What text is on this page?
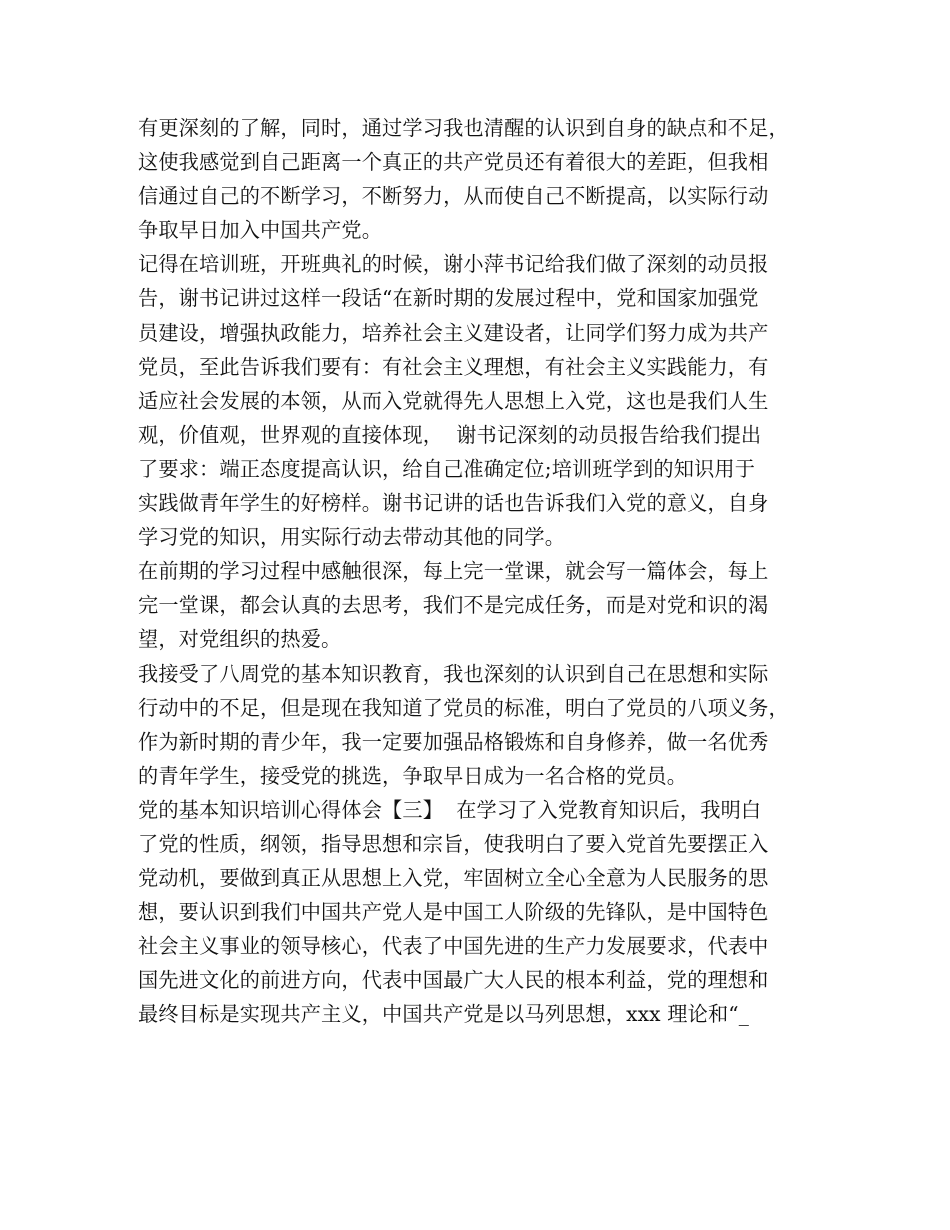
有更深刻的了解，同时，通过学习我也清醒的认识到自身的缺点和不足，
这使我感觉到自己距离一个真正的共产党员还有着很大的差距，但我相
信通过自己的不断学习，不断努力，从而使自己不断提高，以实际行动
争取早日加入中国共产党。
记得在培训班，开班典礼的时候，谢小萍书记给我们做了深刻的动员报
告，谢书记讲过这样一段话“在新时期的发展过程中，党和国家加强党
员建设，增强执政能力，培养社会主义建设者，让同学们努力成为共产
党员，至此告诉我们要有：有社会主义理想，有社会主义实践能力，有
适应社会发展的本领，从而入党就得先人思想上入党，这也是我们人生
观，价值观，世界观的直接体现，  谢书记深刻的动员报告给我们提出
了要求：端正态度提高认识，给自己准确定位;培训班学到的知识用于
实践做青年学生的好榜样。谢书记讲的话也告诉我们入党的意义，自身
学习党的知识，用实际行动去带动其他的同学。
在前期的学习过程中感触很深，每上完一堂课，就会写一篇体会，每上
完一堂课，都会认真的去思考，我们不是完成任务，而是对党和识的渴
望，对党组织的热爱。
我接受了八周党的基本知识教育，我也深刻的认识到自己在思想和实际
行动中的不足，但是现在我知道了党员的标准，明白了党员的八项义务，
作为新时期的青少年，我一定要加强品格锻炼和自身修养，做一名优秀
的青年学生，接受党的挑选，争取早日成为一名合格的党员。
党的基本知识培训心得体会【三】  在学习了入党教育知识后，我明白
了党的性质，纲领，指导思想和宗旨，使我明白了要入党首先要摆正入
党动机，要做到真正从思想上入党，牢固树立全心全意为人民服务的思
想，要认识到我们中国共产党人是中国工人阶级的先锋队，是中国特色
社会主义事业的领导核心，代表了中国先进的生产力发展要求，代表中
国先进文化的前进方向，代表中国最广大人民的根本利益，党的理想和
最终目标是实现共产主义，中国共产党是以马列思想，xxx 理论和“_
